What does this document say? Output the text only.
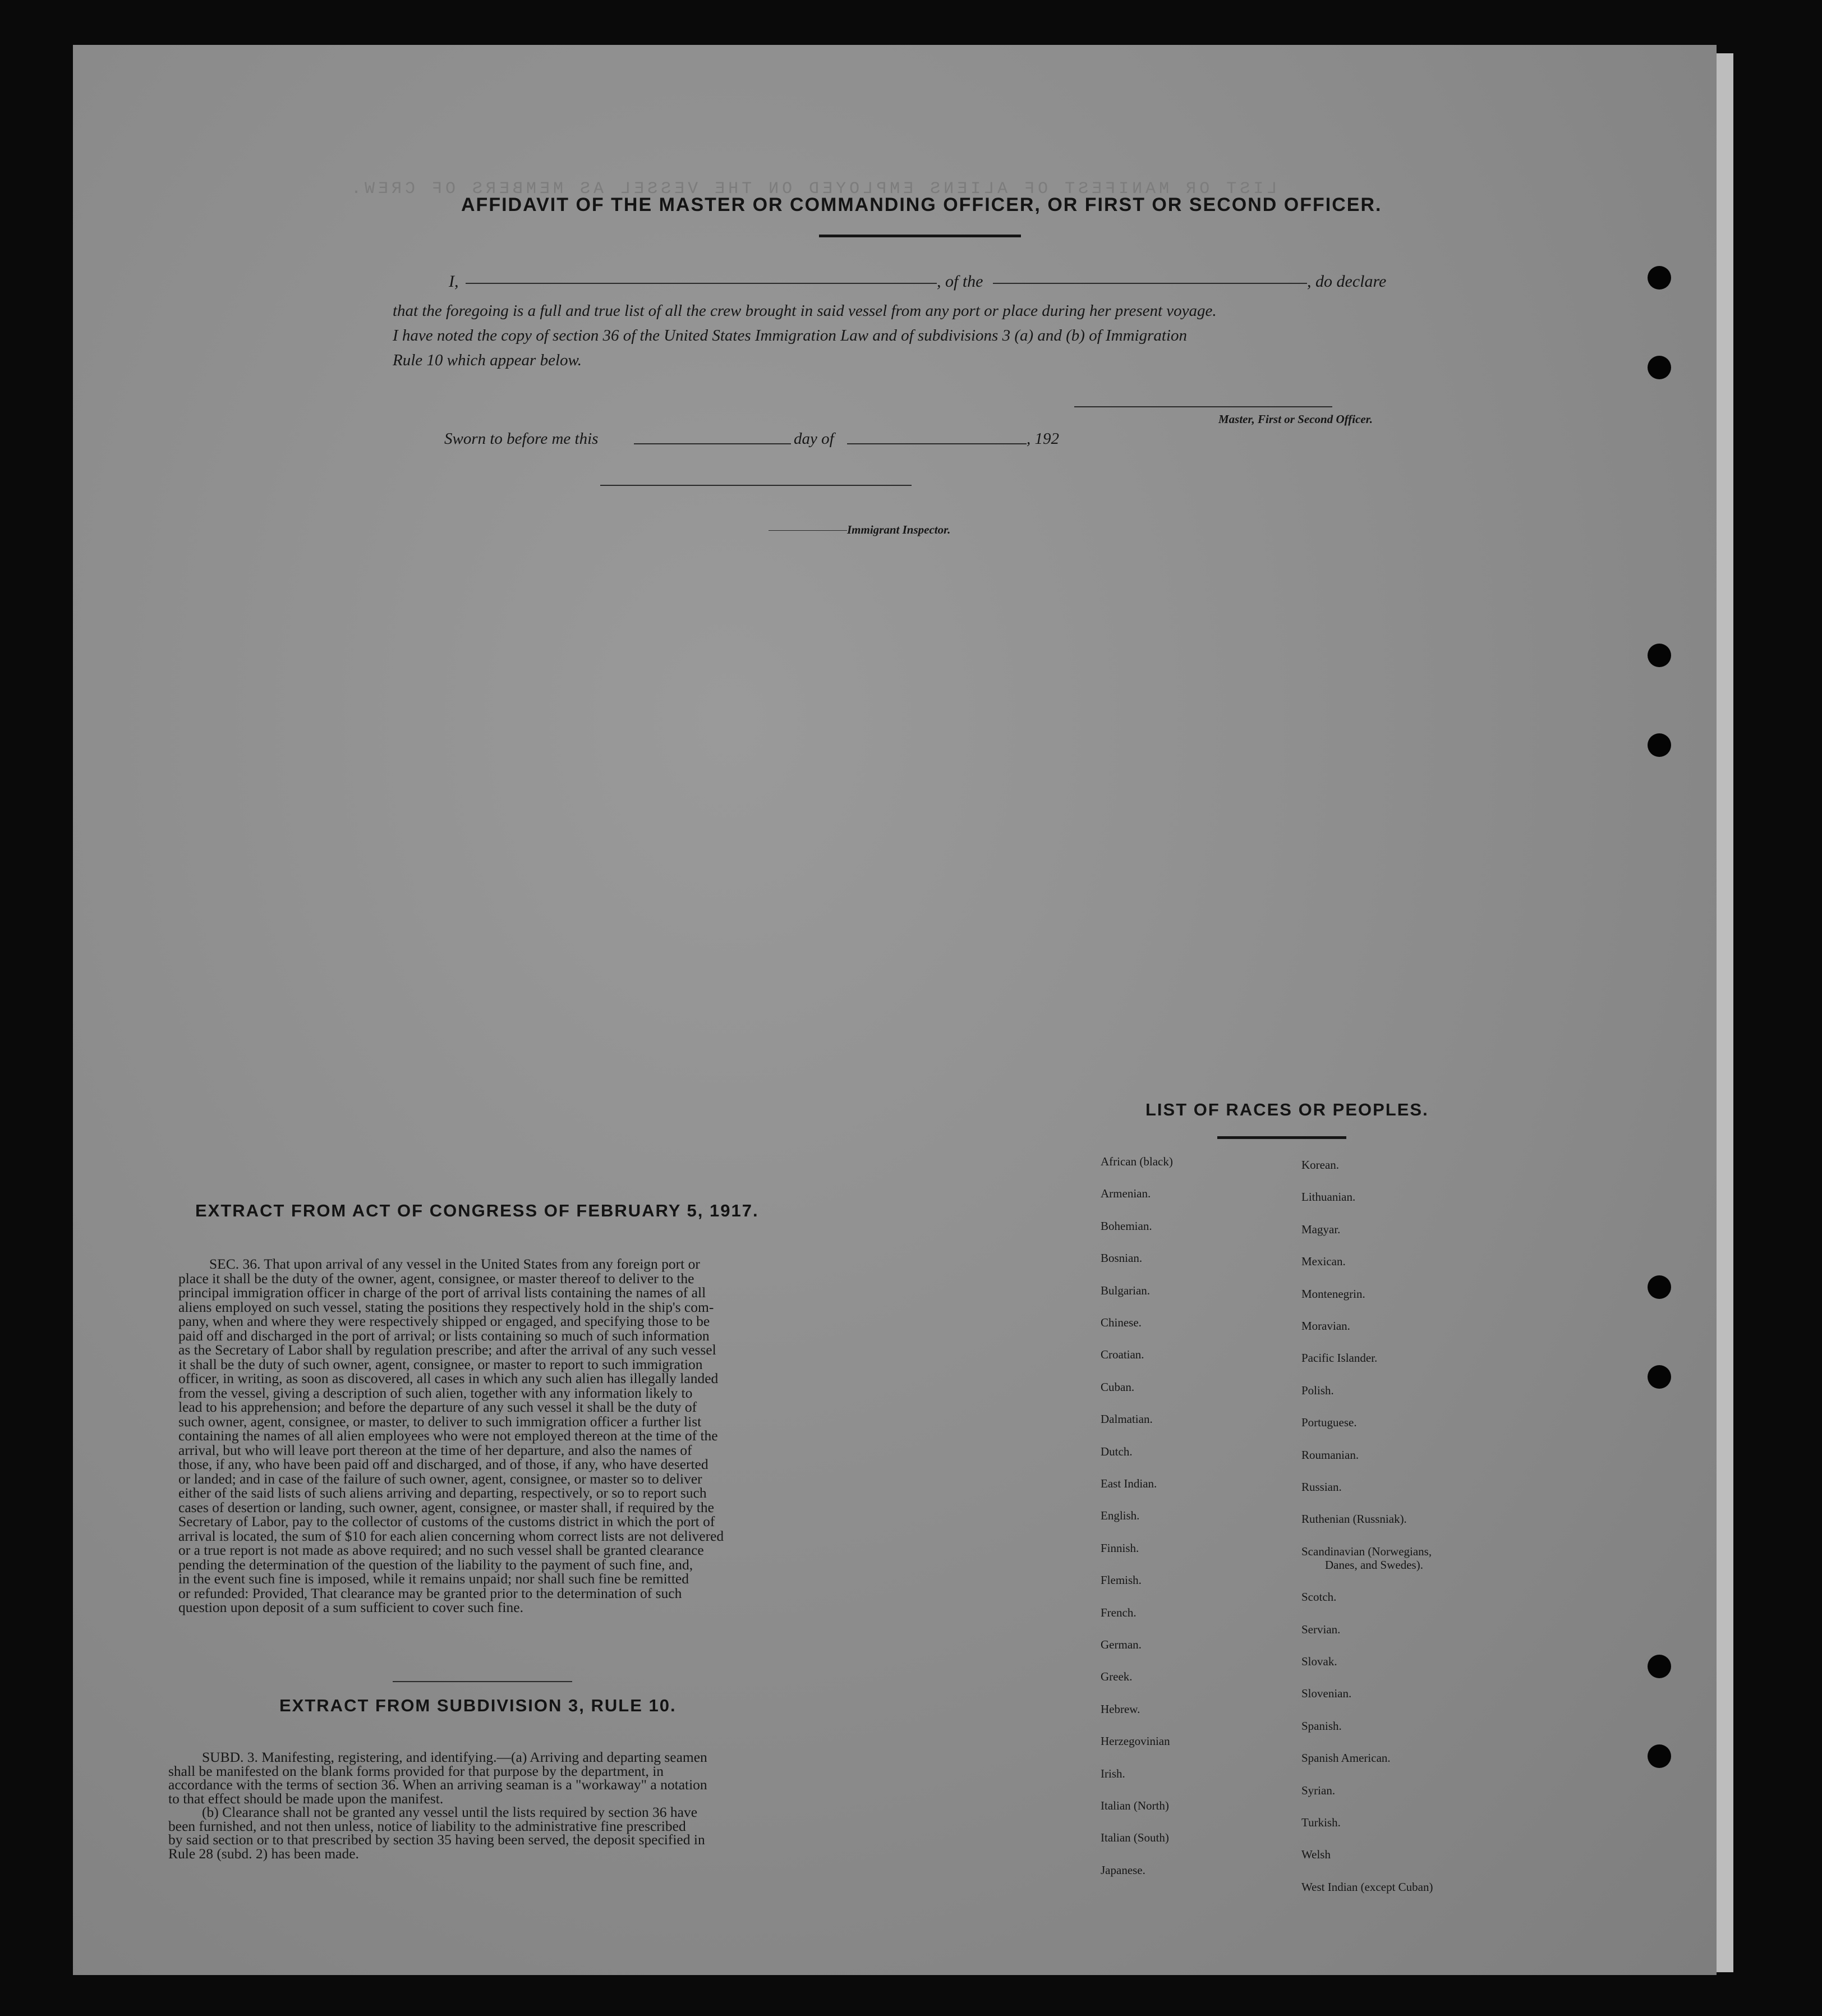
LIST OR MANIFEST OF ALIENS EMPLOYED ON THE VESSEL AS MEMBERS OF CREW.
AFFIDAVIT OF THE MASTER OR COMMANDING OFFICER, OR FIRST OR SECOND OFFICER.
I,	, of the	, do declare
that the foregoing is a full and true list of all the crew brought in said vessel from any port or place during her present voyage.
I have noted the copy of section 36 of the United States Immigration Law and of subdivisions 3 (a) and (b) of Immigration
Rule 10 which appear below.
Master, First or Second Officer.
Sworn to before me this	day of	, 192
Immigrant Inspector.
EXTRACT FROM ACT OF CONGRESS OF FEBRUARY 5, 1917.
SEC. 36. That upon arrival of any vessel in the United States from any foreign port or
place it shall be the duty of the owner, agent, consignee, or master thereof to deliver to the
principal immigration officer in charge of the port of arrival lists containing the names of all
aliens employed on such vessel, stating the positions they respectively hold in the ship's com-
pany, when and where they were respectively shipped or engaged, and specifying those to be
paid off and discharged in the port of arrival; or lists containing so much of such information
as the Secretary of Labor shall by regulation prescribe; and after the arrival of any such vessel
it shall be the duty of such owner, agent, consignee, or master to report to such immigration
officer, in writing, as soon as discovered, all cases in which any such alien has illegally landed
from the vessel, giving a description of such alien, together with any information likely to
lead to his apprehension; and before the departure of any such vessel it shall be the duty of
such owner, agent, consignee, or master, to deliver to such immigration officer a further list
containing the names of all alien employees who were not employed thereon at the time of the
arrival, but who will leave port thereon at the time of her departure, and also the names of
those, if any, who have been paid off and discharged, and of those, if any, who have deserted
or landed; and in case of the failure of such owner, agent, consignee, or master so to deliver
either of the said lists of such aliens arriving and departing, respectively, or so to report such
cases of desertion or landing, such owner, agent, consignee, or master shall, if required by the
Secretary of Labor, pay to the collector of customs of the customs district in which the port of
arrival is located, the sum of $10 for each alien concerning whom correct lists are not delivered
or a true report is not made as above required; and no such vessel shall be granted clearance
pending the determination of the question of the liability to the payment of such fine, and,
in the event such fine is imposed, while it remains unpaid; nor shall such fine be remitted
or refunded: Provided, That clearance may be granted prior to the determination of such
question upon deposit of a sum sufficient to cover such fine.
EXTRACT FROM SUBDIVISION 3, RULE 10.
SUBD. 3. Manifesting, registering, and identifying.—(a) Arriving and departing seamen
shall be manifested on the blank forms provided for that purpose by the department, in
accordance with the terms of section 36. When an arriving seaman is a "workaway" a notation
to that effect should be made upon the manifest.
(b) Clearance shall not be granted any vessel until the lists required by section 36 have
been furnished, and not then unless, notice of liability to the administrative fine prescribed
by said section or to that prescribed by section 35 having been served, the deposit specified in
Rule 28 (subd. 2) has been made.
LIST OF RACES OR PEOPLES.
African (black)
Armenian.
Bohemian.
Bosnian.
Bulgarian.
Chinese.
Croatian.
Cuban.
Dalmatian.
Dutch.
East Indian.
English.
Finnish.
Flemish.
French.
German.
Greek.
Hebrew.
Herzegovinian
Irish.
Italian (North)
Italian (South)
Japanese.
Korean.
Lithuanian.
Magyar.
Mexican.
Montenegrin.
Moravian.
Pacific Islander.
Polish.
Portuguese.
Roumanian.
Russian.
Ruthenian (Russniak).
Scandinavian (Norwegians,
Danes, and Swedes).
Scotch.
Servian.
Slovak.
Slovenian.
Spanish.
Spanish American.
Syrian.
Turkish.
Welsh
West Indian (except Cuban)
